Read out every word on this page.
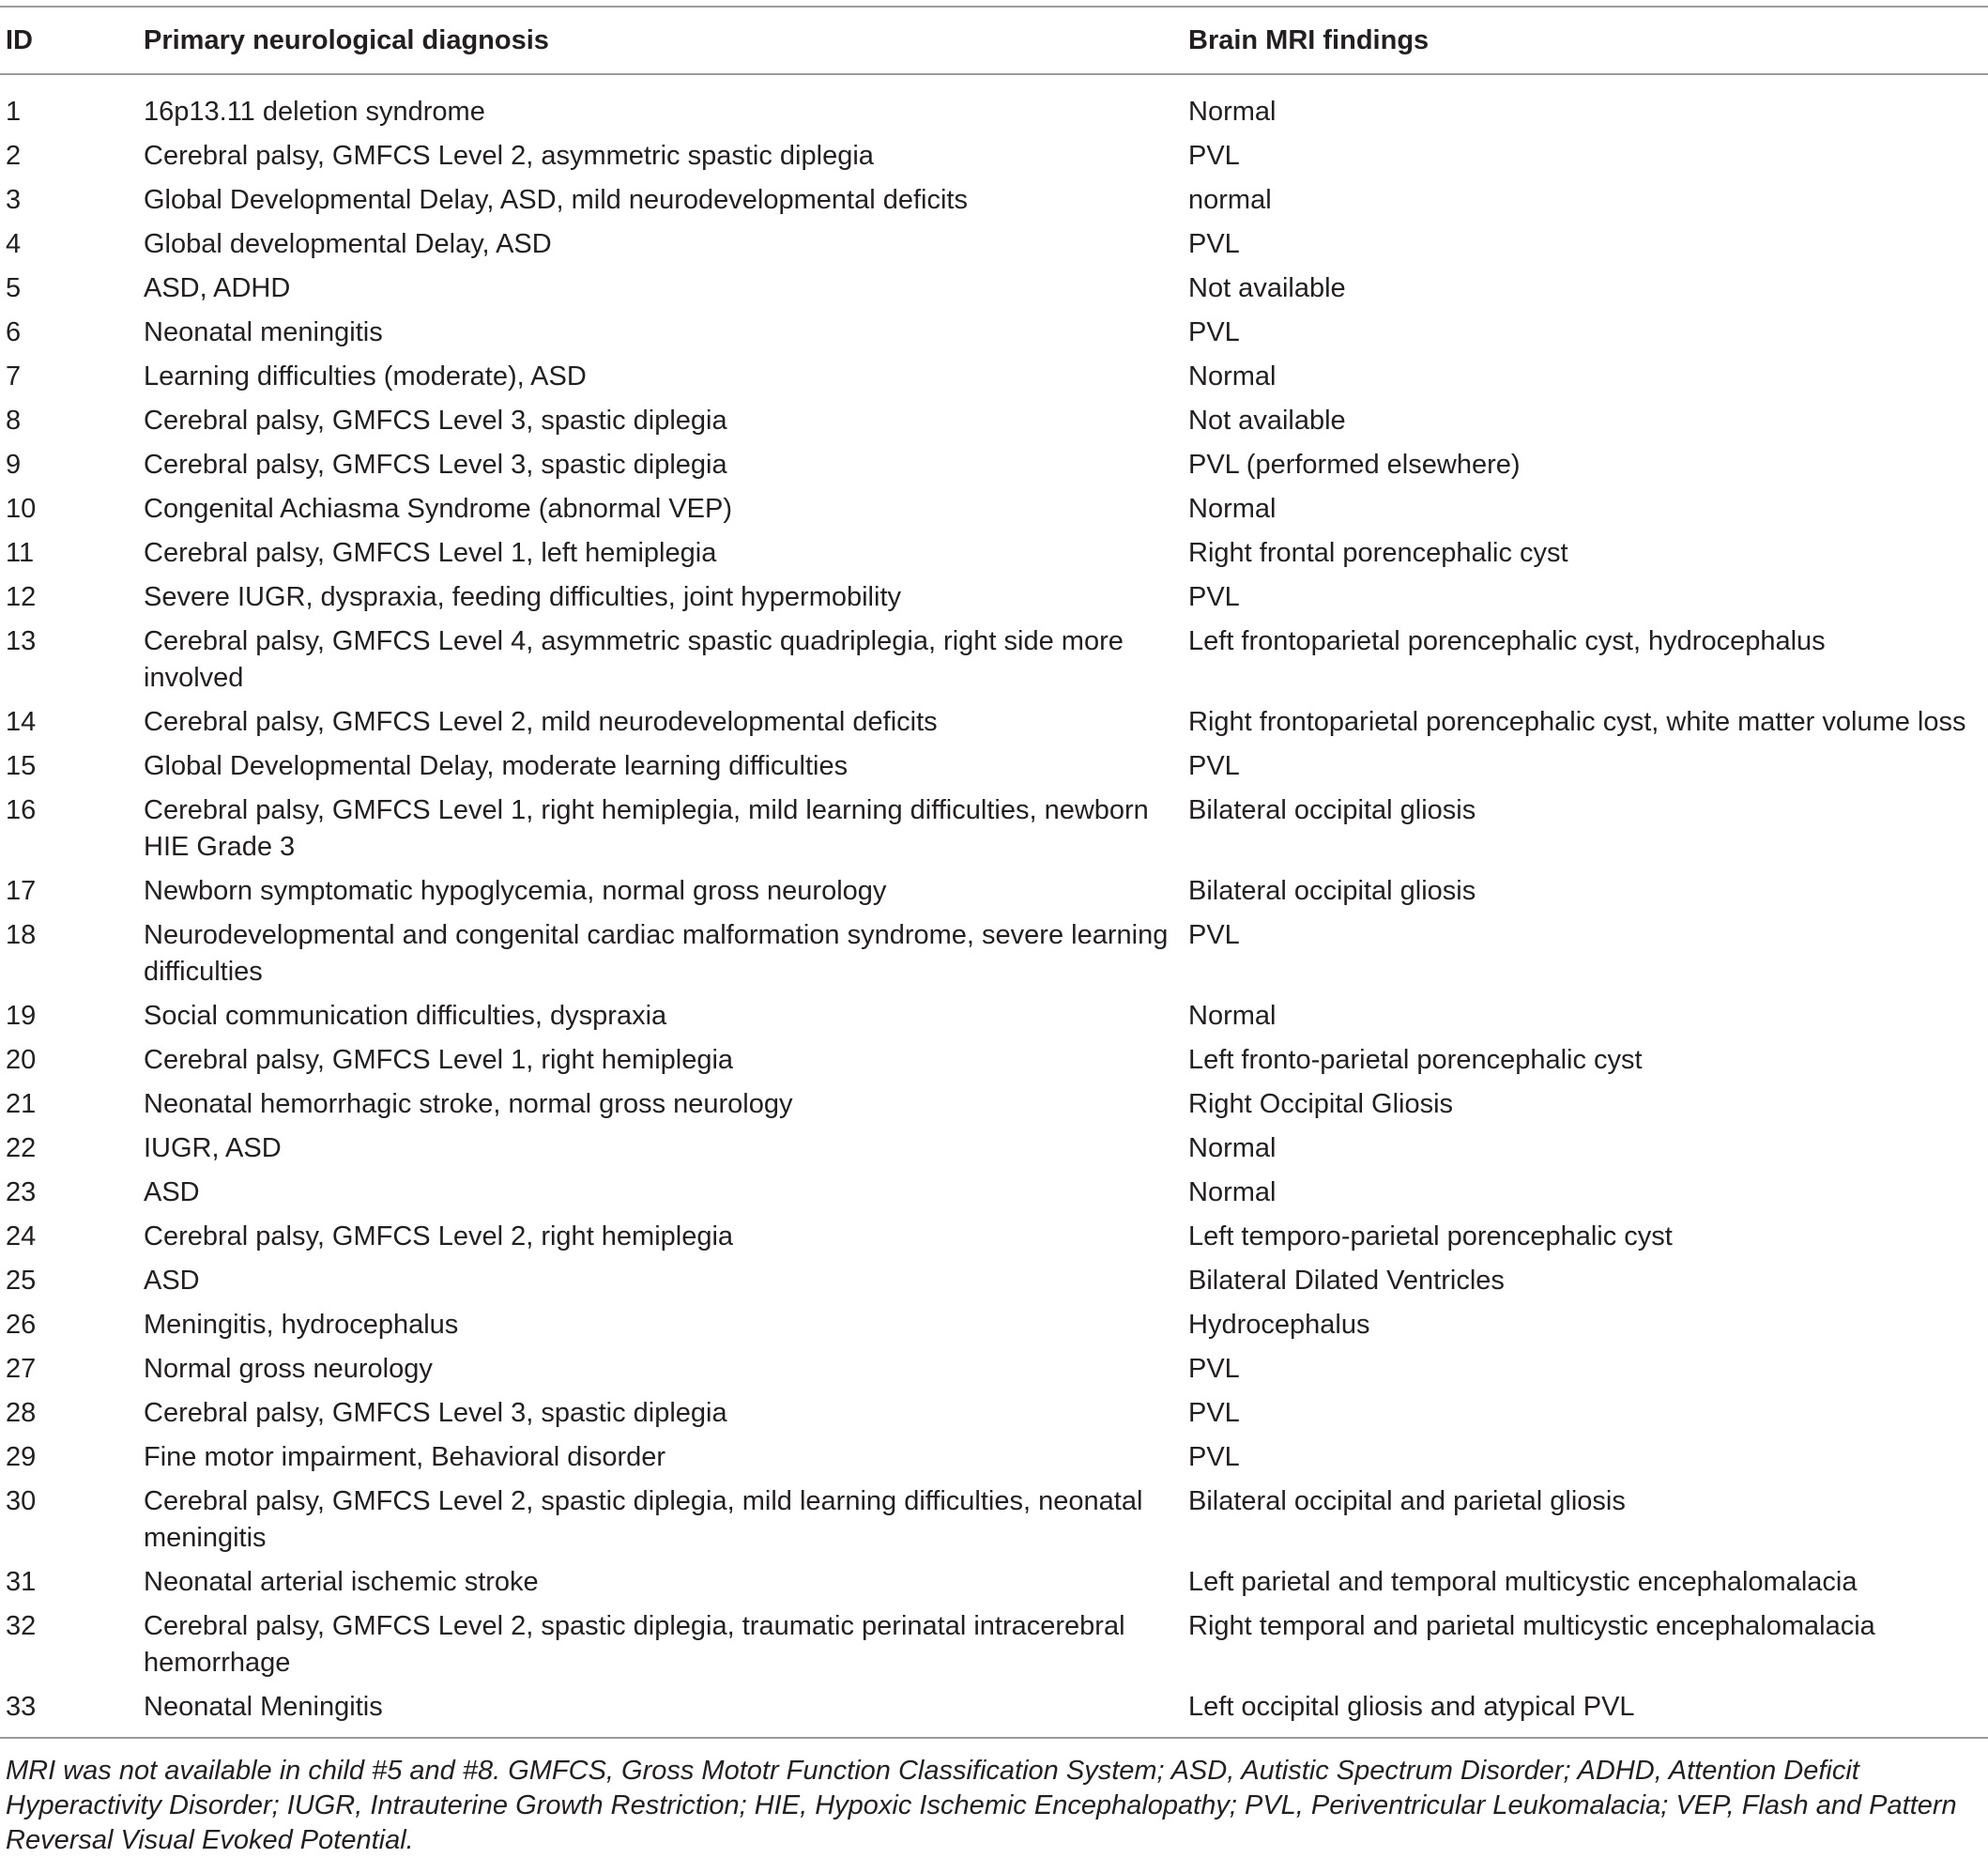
ID	Primary neurological diagnosis	Brain MRI findings
1	16p13.11 deletion syndrome	Normal
2	Cerebral palsy, GMFCS Level 2, asymmetric spastic diplegia	PVL
3	Global Developmental Delay, ASD, mild neurodevelopmental deficits	normal
4	Global developmental Delay, ASD	PVL
5	ASD, ADHD	Not available
6	Neonatal meningitis	PVL
7	Learning difficulties (moderate), ASD	Normal
8	Cerebral palsy, GMFCS Level 3, spastic diplegia	Not available
9	Cerebral palsy, GMFCS Level 3, spastic diplegia	PVL (performed elsewhere)
10	Congenital Achiasma Syndrome (abnormal VEP)	Normal
11	Cerebral palsy, GMFCS Level 1, left hemiplegia	Right frontal porencephalic cyst
12	Severe IUGR, dyspraxia, feeding difficulties, joint hypermobility	PVL
13	Cerebral palsy, GMFCS Level 4, asymmetric spastic quadriplegia, right side more involved	Left frontoparietal porencephalic cyst, hydrocephalus
14	Cerebral palsy, GMFCS Level 2, mild neurodevelopmental deficits	Right frontoparietal porencephalic cyst, white matter volume loss
15	Global Developmental Delay, moderate learning difficulties	PVL
16	Cerebral palsy, GMFCS Level 1, right hemiplegia, mild learning difficulties, newborn HIE Grade 3	Bilateral occipital gliosis
17	Newborn symptomatic hypoglycemia, normal gross neurology	Bilateral occipital gliosis
18	Neurodevelopmental and congenital cardiac malformation syndrome, severe learning difficulties	PVL
19	Social communication difficulties, dyspraxia	Normal
20	Cerebral palsy, GMFCS Level 1, right hemiplegia	Left fronto-parietal porencephalic cyst
21	Neonatal hemorrhagic stroke, normal gross neurology	Right Occipital Gliosis
22	IUGR, ASD	Normal
23	ASD	Normal
24	Cerebral palsy, GMFCS Level 2, right hemiplegia	Left temporo-parietal porencephalic cyst
25	ASD	Bilateral Dilated Ventricles
26	Meningitis, hydrocephalus	Hydrocephalus
27	Normal gross neurology	PVL
28	Cerebral palsy, GMFCS Level 3, spastic diplegia	PVL
29	Fine motor impairment, Behavioral disorder	PVL
30	Cerebral palsy, GMFCS Level 2, spastic diplegia, mild learning difficulties, neonatal meningitis	Bilateral occipital and parietal gliosis
31	Neonatal arterial ischemic stroke	Left parietal and temporal multicystic encephalomalacia
32	Cerebral palsy, GMFCS Level 2, spastic diplegia, traumatic perinatal intracerebral hemorrhage	Right temporal and parietal multicystic encephalomalacia
33	Neonatal Meningitis	Left occipital gliosis and atypical PVL
MRI was not available in child #5 and #8. GMFCS, Gross Mototr Function Classification System; ASD, Autistic Spectrum Disorder; ADHD, Attention Deficit Hyperactivity Disorder; IUGR, Intrauterine Growth Restriction; HIE, Hypoxic Ischemic Encephalopathy; PVL, Periventricular Leukomalacia; VEP, Flash and Pattern Reversal Visual Evoked Potential.
